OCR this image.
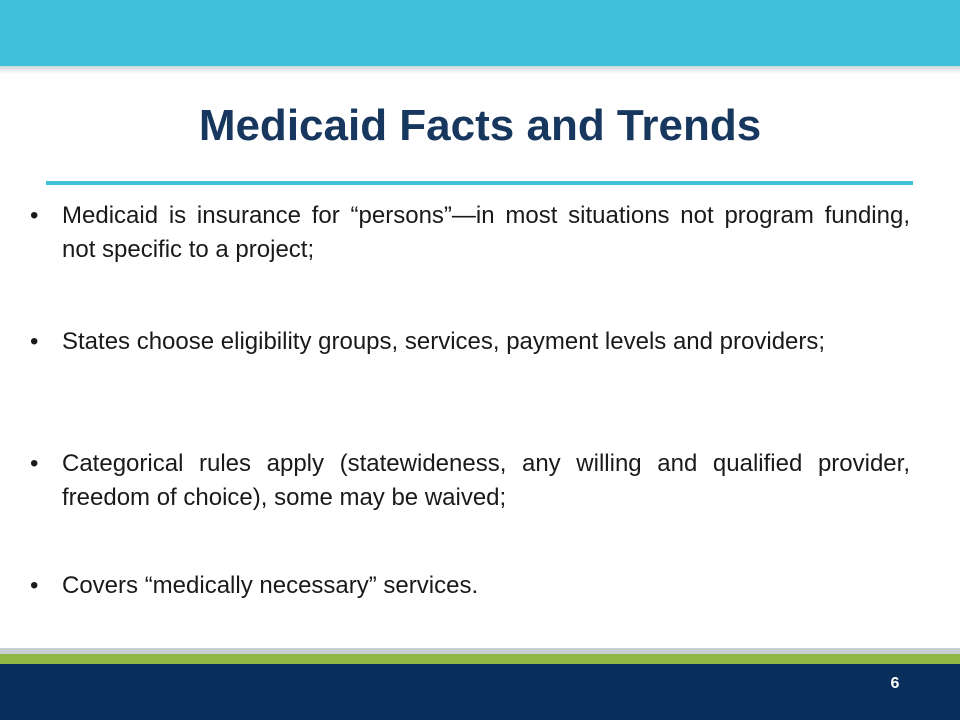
Medicaid Facts and Trends
• Medicaid is insurance for “persons”—in most situations not program funding, not specific to a project;
• States choose eligibility groups, services, payment levels and providers;
• Categorical rules apply (statewideness, any willing and qualified provider, freedom of choice), some may be waived;
• Covers “medically necessary” services.
6
